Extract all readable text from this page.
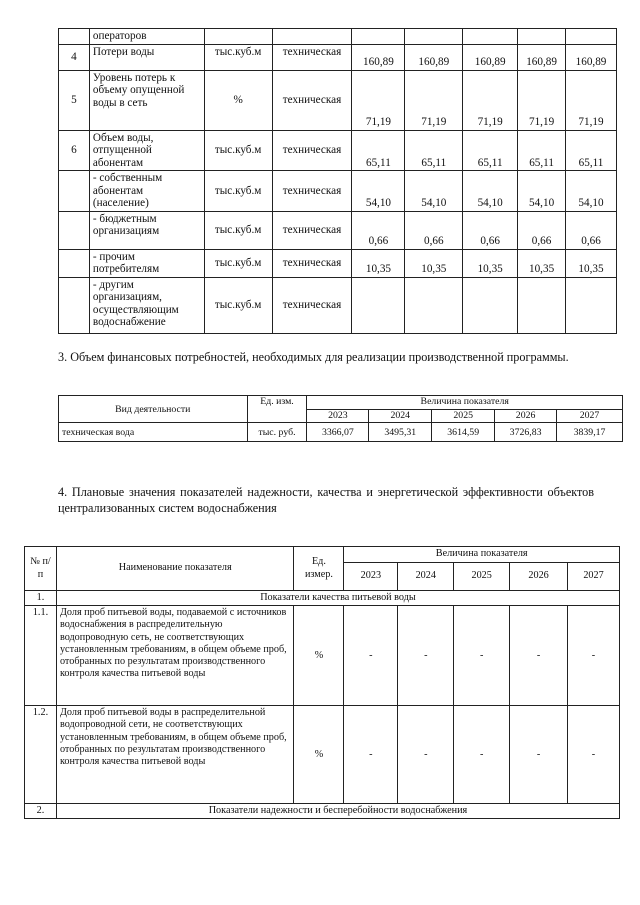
	операторов							
4	Потери воды	тыс.куб.м	техническая	160,89	160,89	160,89	160,89	160,89
5	Уровень потерь к объему опущенной воды в сеть	%	техническая	71,19	71,19	71,19	71,19	71,19
6	Объем воды, отпущенной абонентам	тыс.куб.м	техническая	65,11	65,11	65,11	65,11	65,11
	- собственным абонентам (население)	тыс.куб.м	техническая	54,10	54,10	54,10	54,10	54,10
	- бюджетным организациям	тыс.куб.м	техническая	0,66	0,66	0,66	0,66	0,66
	- прочим потребителям	тыс.куб.м	техническая	10,35	10,35	10,35	10,35	10,35
	- другим организациям, осуществляющим водоснабжение	тыс.куб.м	техническая					
3. Объем финансовых потребностей, необходимых для реализации производственной программы.
Вид деятельности	Ед. изм.	Величина показателя				
		2023	2024	2025	2026	2027
техническая вода	тыс. руб.	3366,07	3495,31	3614,59	3726,83	3839,17
4. Плановые значения показателей надежности, качества и энергетической эффективности объектов централизованных систем водоснабжения
№ п/п	Наименование показателя	Ед. измер.	Величина показателя				
			2023	2024	2025	2026	2027
1.	Показатели качества питьевой воды						
1.1.	Доля проб питьевой воды, подаваемой с источников водоснабжения в распределительную водопроводную сеть, не соответствующих установленным требованиям, в общем объеме проб, отобранных по результатам производственного контроля качества питьевой воды	%	-	-	-	-	-
1.2.	Доля проб питьевой воды в распределительной водопроводной сети, не соответствующих установленным требованиям, в общем объеме проб, отобранных по результатам производственного контроля качества питьевой воды	%	-	-	-	-	-
2.	Показатели надежности и бесперебойности водоснабжения						
